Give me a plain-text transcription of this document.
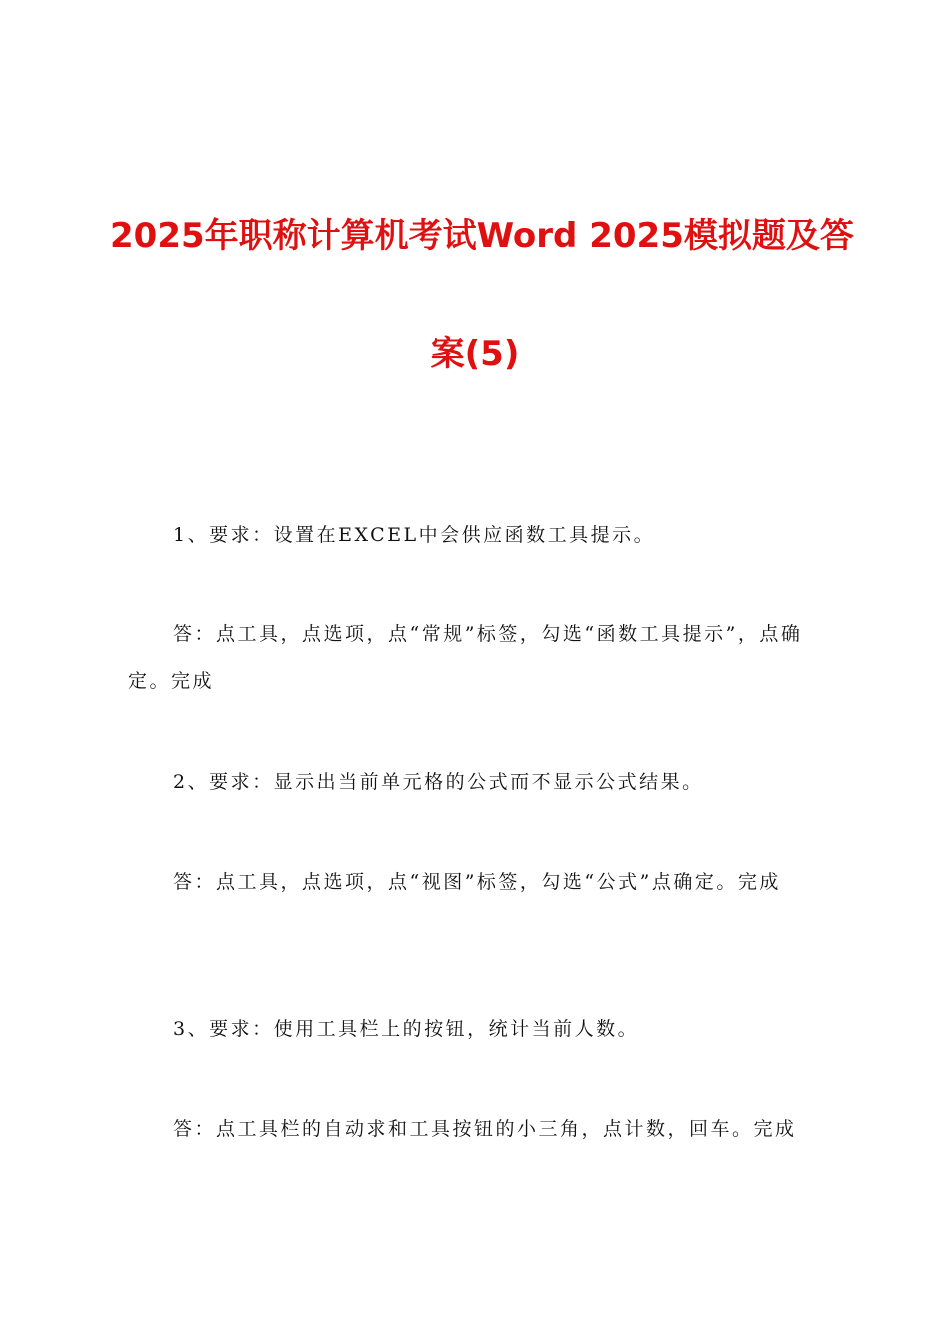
2025年职称计算机考试Word 2025模拟题及答
案(5)

1、要求：设置在EXCEL中会供应函数工具提示。

答：点工具，点选项，点“常规”标签，勾选“函数工具提示”，点确定。完成

2、要求：显示出当前单元格的公式而不显示公式结果。

答：点工具，点选项，点“视图”标签，勾选“公式”点确定。完成

3、要求：使用工具栏上的按钮，统计当前人数。

答：点工具栏的自动求和工具按钮的小三角，点计数，回车。完成
